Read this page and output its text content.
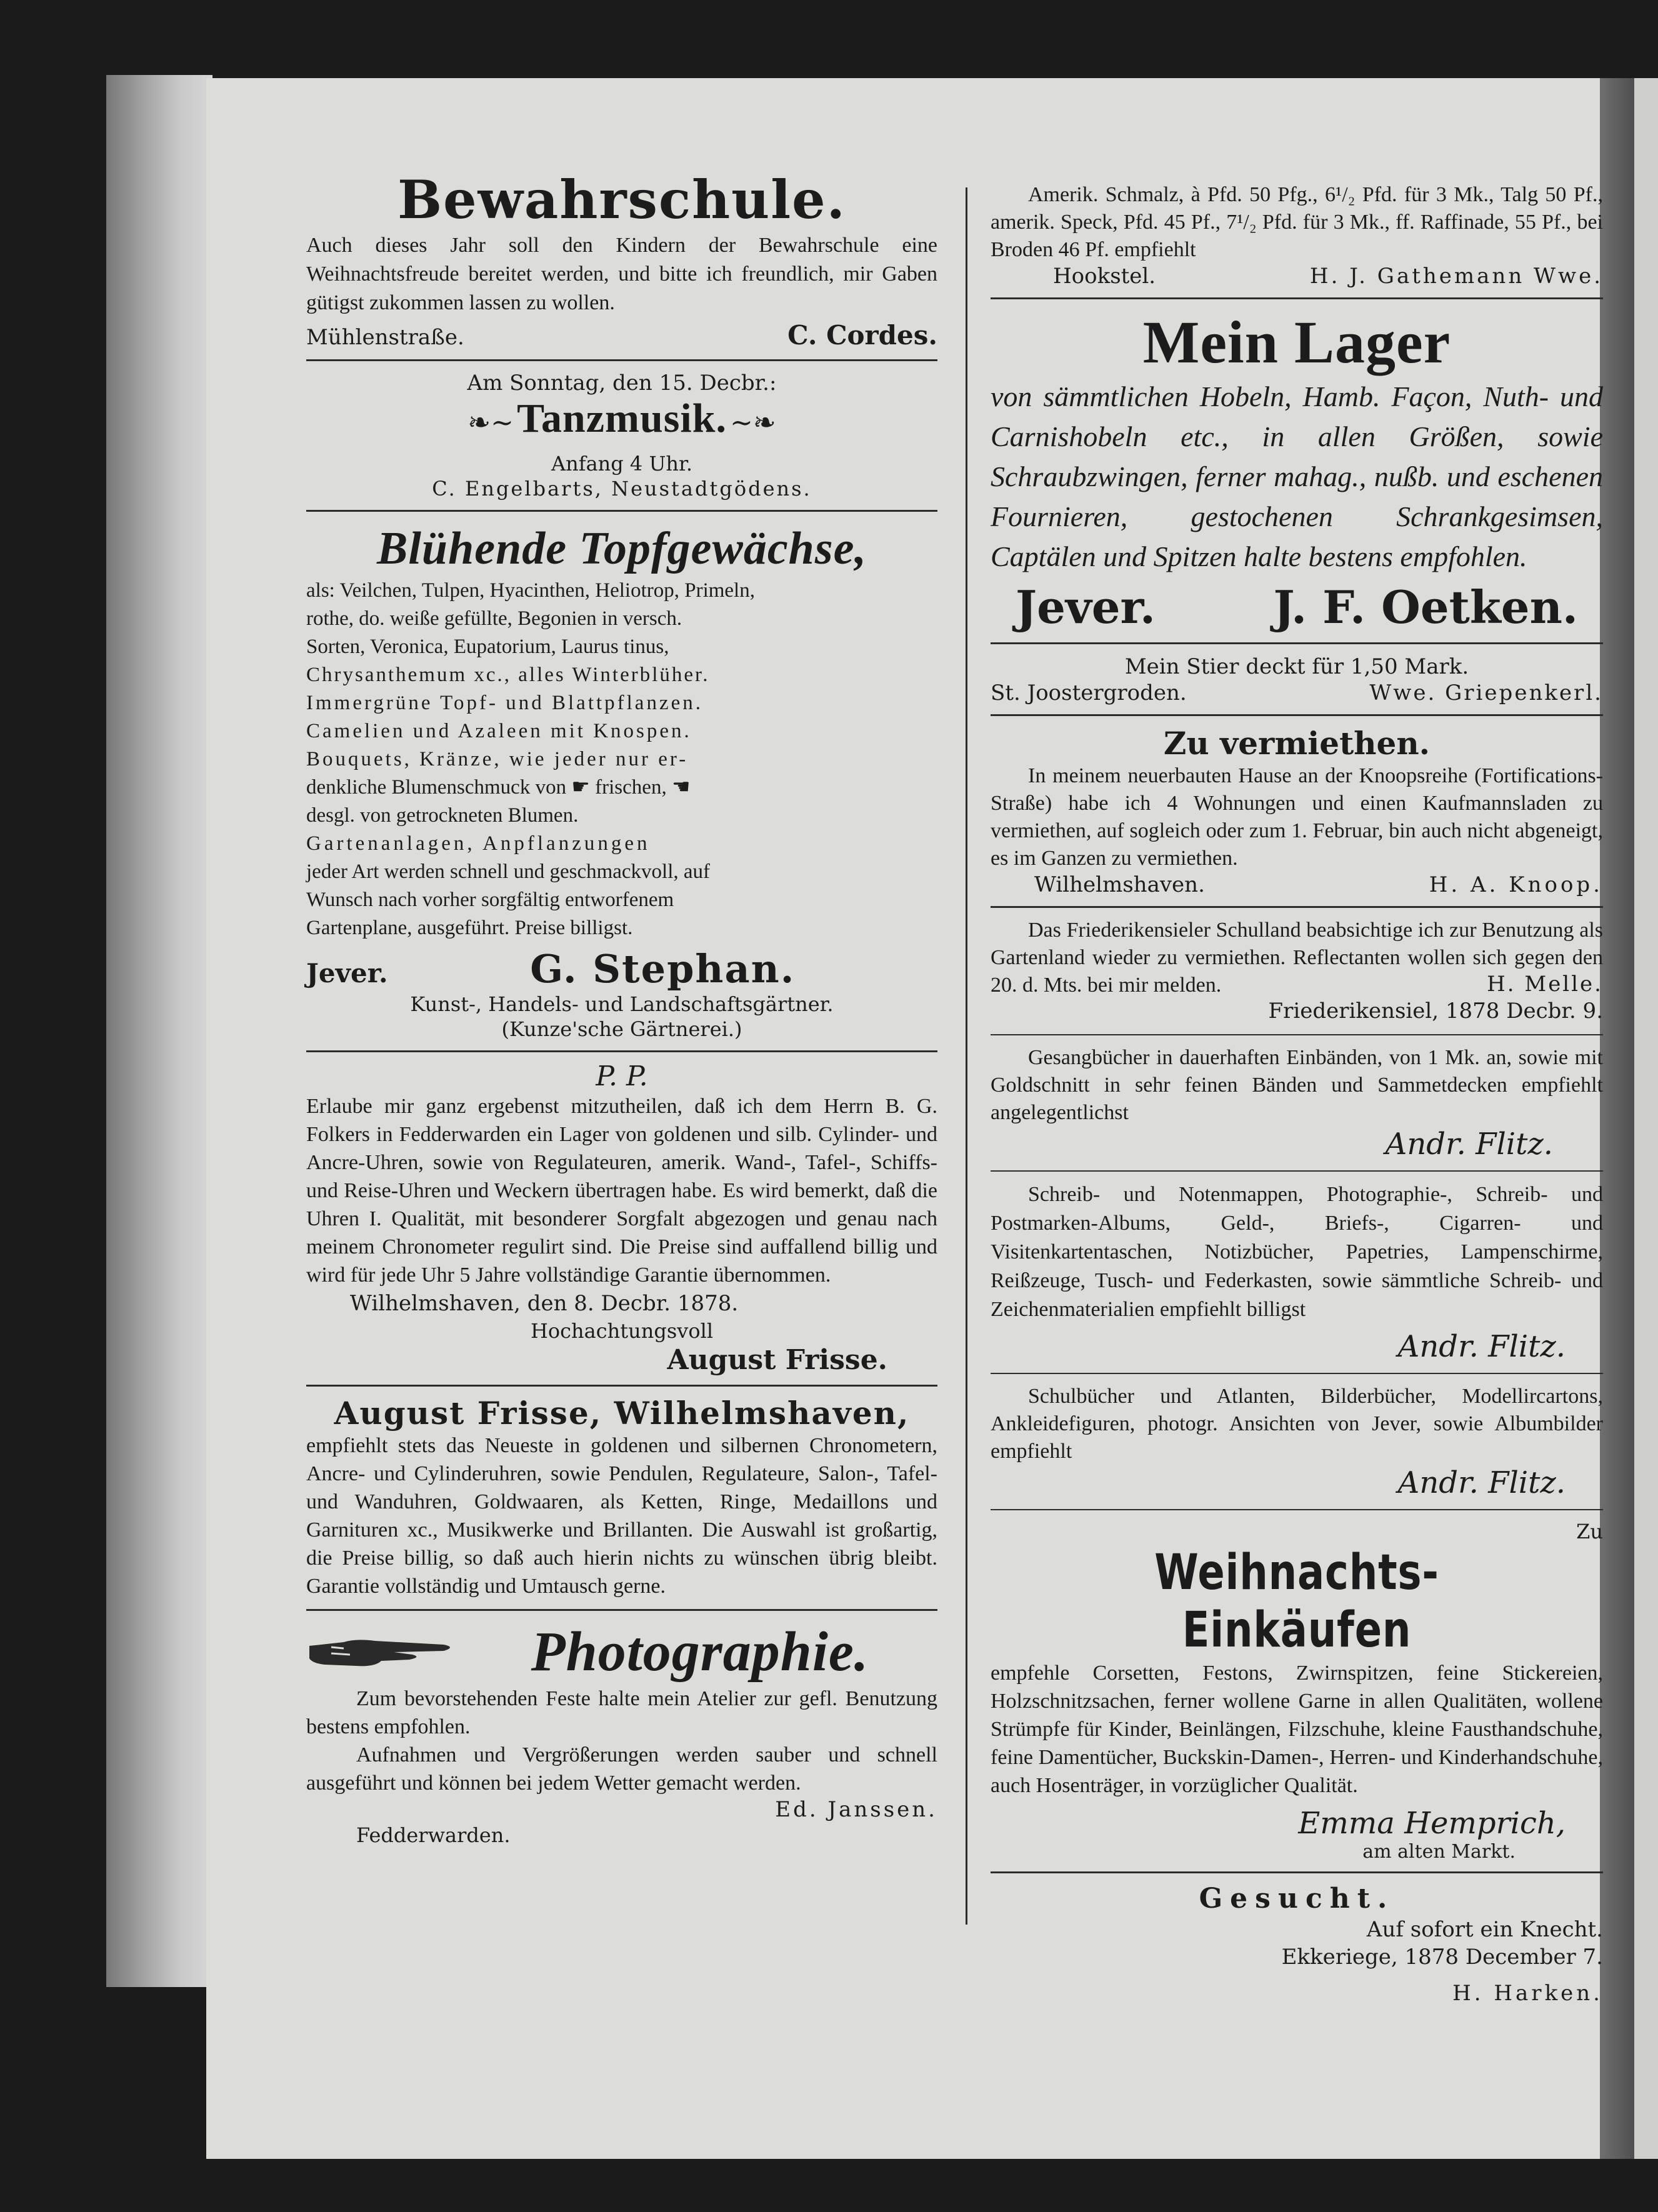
Bewahrschule.

Auch dieses Jahr soll den Kindern der Bewahrschule eine Weihnachtsfreude bereitet werden, und bitte ich freundlich, mir Gaben gütigst zukommen lassen zu wollen.

Mühlenstraße.	C. Cordes.
Am Sonntag, den 15. Decbr.:
❧∼ Tanzmusik. ∼❧
Anfang 4 Uhr.
C. Engelbarts, Neustadtgödens.
Blühende Topfgewächse,
als: Veilchen, Tulpen, Hyacinthen, Heliotrop, Primeln,
rothe, do. weiße gefüllte, Begonien in versch.
Sorten, Veronica, Eupatorium, Laurus tinus,
Chrysanthemum xc., alles Winterblüher.
Immergrüne Topf- und Blattpflanzen.
Camelien und Azaleen mit Knospen.
Bouquets, Kränze, wie jeder nur er-
denkliche Blumenschmuck von ☛ frischen, ☚
desgl. von getrockneten Blumen.
Gartenanlagen, Anpflanzungen
jeder Art werden schnell und geschmackvoll, auf
Wunsch nach vorher sorgfältig entworfenem
Gartenplane, ausgeführt. Preise billigst.
Jever.	G. Stephan.
Kunst-, Handels- und Landschaftsgärtner.
(Kunze'sche Gärtnerei.)
P. P.

Erlaube mir ganz ergebenst mitzutheilen, daß ich dem Herrn B. G. Folkers in Fedderwarden ein Lager von goldenen und silb. Cylinder- und Ancre-Uhren, sowie von Regulateuren, amerik. Wand-, Tafel-, Schiffs- und Reise-Uhren und Weckern übertragen habe. Es wird bemerkt, daß die Uhren I. Qualität, mit besonderer Sorgfalt abgezogen und genau nach meinem Chronometer regulirt sind. Die Preise sind auffallend billig und wird für jede Uhr 5 Jahre vollständige Garantie übernommen.

Wilhelmshaven, den 8. Decbr. 1878.
Hochachtungsvoll
August Frisse.
August Frisse, Wilhelmshaven,

empfiehlt stets das Neueste in goldenen und silbernen Chronometern, Ancre- und Cylinderuhren, sowie Pendulen, Regulateure, Salon-, Tafel- und Wanduhren, Goldwaaren, als Ketten, Ringe, Medaillons und Garnituren xc., Musikwerke und Brillanten. Die Auswahl ist großartig, die Preise billig, so daß auch hierin nichts zu wünschen übrig bleibt. Garantie vollständig und Umtausch gerne.

Photographie.

Zum bevorstehenden Feste halte mein Atelier zur gefl. Benutzung bestens empfohlen.

Aufnahmen und Vergrößerungen werden sauber und schnell ausgeführt und können bei jedem Wetter gemacht werden.

Ed. Janssen.
Fedderwarden.

Amerik. Schmalz, à Pfd. 50 Pfg., 6¹/₂ Pfd. für 3 Mk., Talg 50 Pf., amerik. Speck, Pfd. 45 Pf., 7¹/₂ Pfd. für 3 Mk., ff. Raffinade, 55 Pf., bei Broden 46 Pf. empfiehlt

Hookstel.	H. J. Gathemann Wwe.
Mein Lager

von sämmtlichen Hobeln, Hamb. Façon, Nuth- und Carnishobeln etc., in allen Größen, sowie Schraubzwingen, ferner mahag., nußb. und eschenen Fournieren, gestochenen Schrankgesimsen, Captälen und Spitzen halte bestens empfohlen.

Jever.	J. F. Oetken.
Mein Stier deckt für 1,50 Mark.
St. Joostergroden.	Wwe. Griepenkerl.
Zu vermiethen.

In meinem neuerbauten Hause an der Knoopsreihe (Fortifications-Straße) habe ich 4 Wohnungen und einen Kaufmannsladen zu vermiethen, auf sogleich oder zum 1. Februar, bin auch nicht abgeneigt, es im Ganzen zu vermiethen.

Wilhelmshaven.	H. A. Knoop.

Das Friederikensieler Schulland beabsichtige ich zur Benutzung als Gartenland wieder zu vermiethen. Reflectanten wollen sich gegen den 20. d. Mts. bei mir melden.	H. Melle.
Friederikensiel, 1878 Decbr. 9.

Gesangbücher in dauerhaften Einbänden, von 1 Mk. an, sowie mit Goldschnitt in sehr feinen Bänden und Sammetdecken empfiehlt angelegentlichst

Andr. Flitz.

Schreib- und Notenmappen, Photographie-, Schreib- und Postmarken-Albums, Geld-, Briefs-, Cigarren- und Visitenkartentaschen, Notizbücher, Papetries, Lampenschirme, Reißzeuge, Tusch- und Federkasten, sowie sämmtliche Schreib- und Zeichenmaterialien empfiehlt billigst

Andr. Flitz.

Schulbücher und Atlanten, Bilderbücher, Modellircartons, Ankleidefiguren, photogr. Ansichten von Jever, sowie Albumbilder empfiehlt

Andr. Flitz.
Zu
Weihnachts-Einkäufen

empfehle Corsetten, Festons, Zwirnspitzen, feine Stickereien, Holzschnitzsachen, ferner wollene Garne in allen Qualitäten, wollene Strümpfe für Kinder, Beinlängen, Filzschuhe, kleine Fausthandschuhe, feine Damentücher, Buckskin-Damen-, Herren- und Kinderhandschuhe, auch Hosenträger, in vorzüglicher Qualität.

Emma Hemprich,
am alten Markt.
Gesucht.
Auf sofort ein Knecht.
Ekkeriege, 1878 December 7.
H. Harken.
